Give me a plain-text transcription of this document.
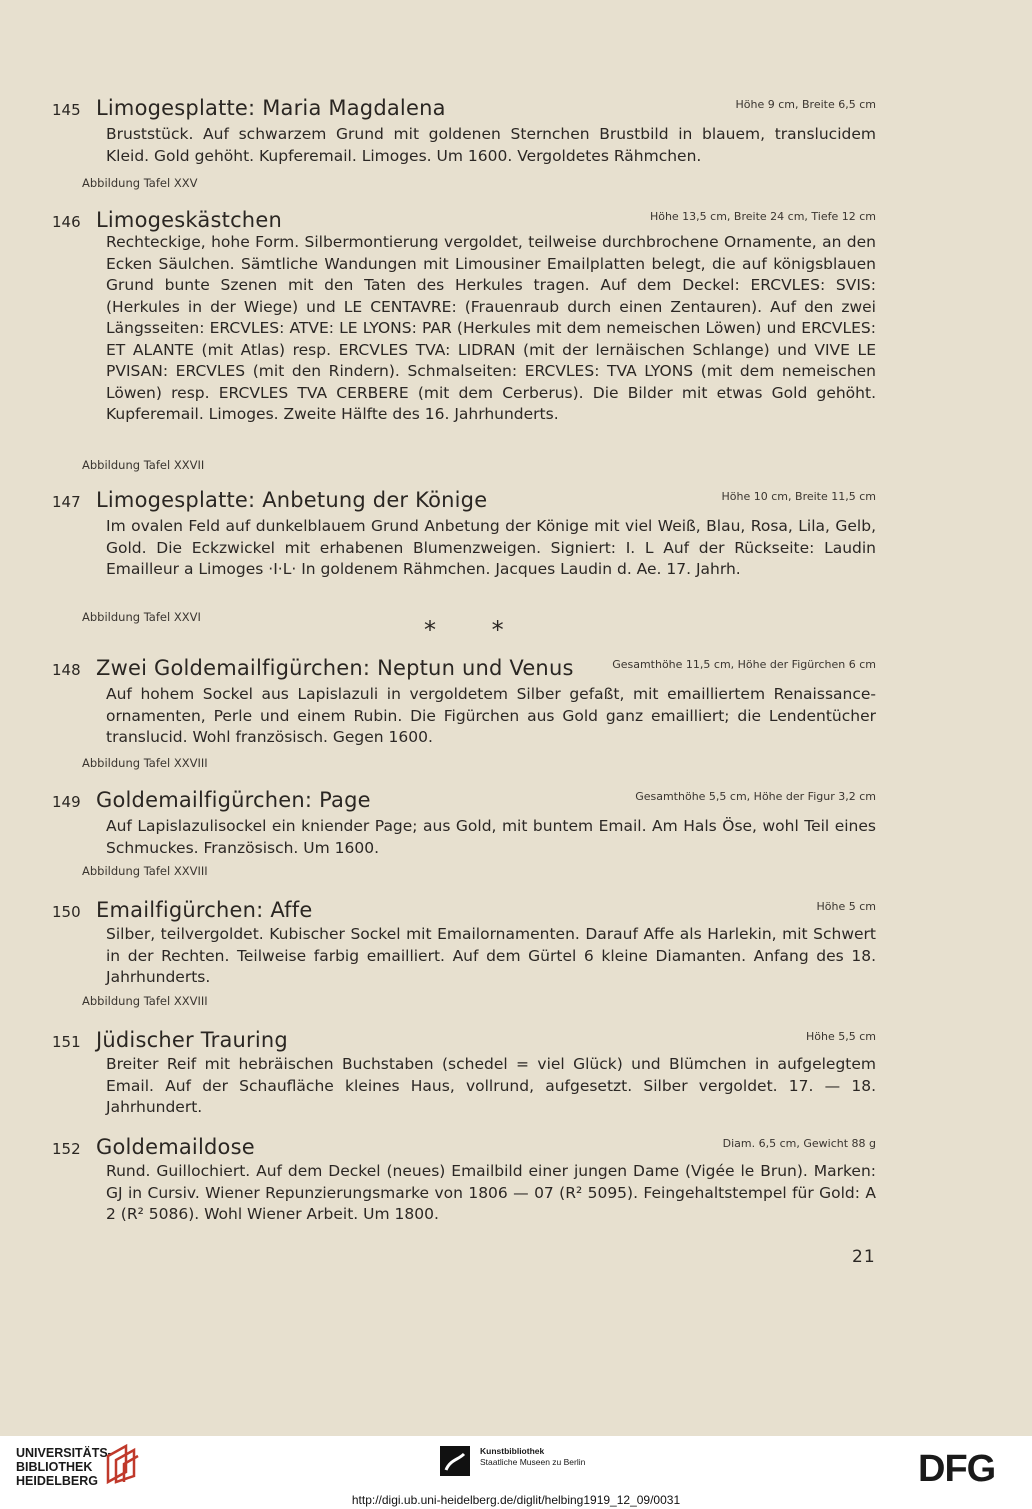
145 Limogesplatte: Maria Magdalena	Höhe 9 cm, Breite 6,5 cm

Bruststück. Auf schwarzem Grund mit goldenen Sternchen Brustbild in blauem, translucidem Kleid. Gold gehöht. Kupferemail. Limoges. Um 1600. Vergoldetes Rähmchen.

Abbildung Tafel XXV
146 Limogeskästchen	Höhe 13,5 cm, Breite 24 cm, Tiefe 12 cm

Rechteckige, hohe Form. Silbermontierung vergoldet, teilweise durchbrochene Ornamente, an den Ecken Säulchen. Sämtliche Wandungen mit Limousiner Emailplatten belegt, die auf königsblauen Grund bunte Szenen mit den Taten des Herkules tragen. Auf dem Deckel: ERCVLES: SVIS: (Herkules in der Wiege) und LE CENTAVRE: (Frauenraub durch einen Zentauren). Auf den zwei Längsseiten: ERCVLES: ATVE: LE LYONS: PAR (Herkules mit dem nemeischen Löwen) und ERCVLES: ET ALANTE (mit Atlas) resp. ERCVLES TVA: LIDRAN (mit der lernäischen Schlange) und VIVE LE PVISAN: ERCVLES (mit den Rindern). Schmalseiten: ERCVLES: TVA LYONS (mit dem nemeischen Löwen) resp. ERCVLES TVA CERBERE (mit dem Cerberus). Die Bilder mit etwas Gold gehöht. Kupferemail. Limoges. Zweite Hälfte des 16. Jahrhunderts.

Abbildung Tafel XXVII
147 Limogesplatte: Anbetung der Könige	Höhe 10 cm, Breite 11,5 cm

Im ovalen Feld auf dunkelblauem Grund Anbetung der Könige mit viel Weiß, Blau, Rosa, Lila, Gelb, Gold. Die Eckzwickel mit erhabenen Blumenzweigen. Signiert: I. L Auf der Rückseite: Laudin Emailleur a Limoges ·I·L· In goldenem Rähmchen. Jacques Laudin d. Ae. 17. Jahrh.

Abbildung Tafel XXVI	* *
148 Zwei Goldemailfigürchen: Neptun und Venus	Gesamthöhe 11,5 cm, Höhe der Figürchen 6 cm

Auf hohem Sockel aus Lapislazuli in vergoldetem Silber gefaßt, mit emailliertem Renaissance-ornamenten, Perle und einem Rubin. Die Figürchen aus Gold ganz emailliert; die Lendentücher translucid. Wohl französisch. Gegen 1600.

Abbildung Tafel XXVIII
149 Goldemailfigürchen: Page	Gesamthöhe 5,5 cm, Höhe der Figur 3,2 cm

Auf Lapislazulisockel ein kniender Page; aus Gold, mit buntem Email. Am Hals Öse, wohl Teil eines Schmuckes. Französisch. Um 1600.

Abbildung Tafel XXVIII
150 Emailfigürchen: Affe	Höhe 5 cm

Silber, teilvergoldet. Kubischer Sockel mit Emailornamenten. Darauf Affe als Harlekin, mit Schwert in der Rechten. Teilweise farbig emailliert. Auf dem Gürtel 6 kleine Diamanten. Anfang des 18. Jahrhunderts.

Abbildung Tafel XXVIII
151 Jüdischer Trauring	Höhe 5,5 cm

Breiter Reif mit hebräischen Buchstaben (schedel = viel Glück) und Blümchen in aufgelegtem Email. Auf der Schaufläche kleines Haus, vollrund, aufgesetzt. Silber vergoldet. 17. — 18. Jahrhundert.

152 Goldemaildose	Diam. 6,5 cm, Gewicht 88 g

Rund. Guillochiert. Auf dem Deckel (neues) Emailbild einer jungen Dame (Vigée le Brun). Marken: GJ in Cursiv. Wiener Repunzierungsmarke von 1806 — 07 (R² 5095). Feingehaltstempel für Gold: A 2 (R² 5086). Wohl Wiener Arbeit. Um 1800.

21
UNIVERSITÄTS-
BIBLIOTHEK
HEIDELBERG
Kunstbibliothek
Staatliche Museen zu Berlin	DFG
http://digi.ub.uni-heidelberg.de/diglit/helbing1919_12_09/0031
